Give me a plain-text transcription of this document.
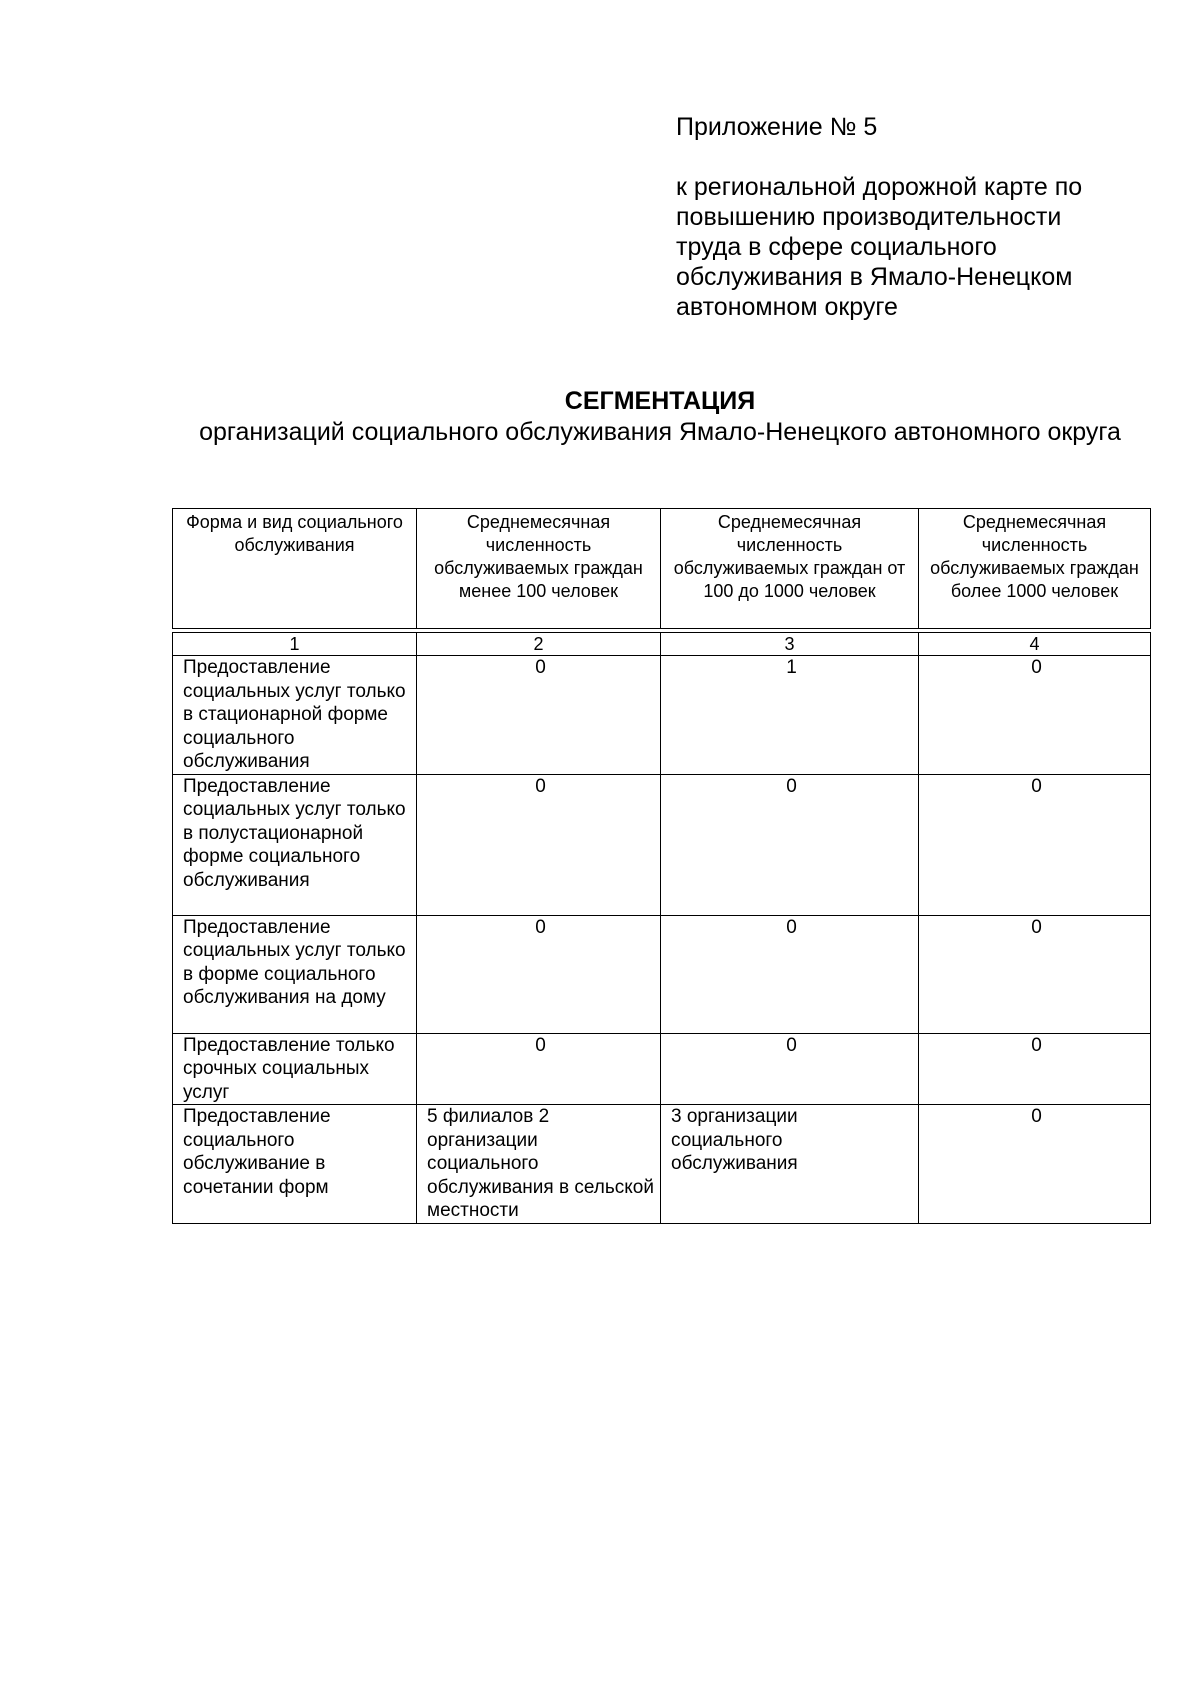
Приложение № 5
к региональной дорожной карте по
повышению производительности
труда в сфере социального
обслуживания в Ямало-Ненецком
автономном округе
СЕГМЕНТАЦИЯ
организаций социального обслуживания Ямало-Ненецкого автономного округа
Форма и вид социального обслуживания	Среднемесячная численность обслуживаемых граждан менее 100 человек	Среднемесячная численность обслуживаемых граждан от 100 до 1000 человек	Среднемесячная численность обслуживаемых граждан более 1000 человек

1	2	3	4
Предоставление социальных услуг только в стационарной форме социального обслуживания	0	1	0
Предоставление социальных услуг только в полустационарной форме социального обслуживания	0	0	0
Предоставление социальных услуг только в форме социального обслуживания на дому	0	0	0
Предоставление только срочных социальных услуг	0	0	0
Предоставление социального обслуживание в сочетании форм	5 филиалов 2 организации социального обслуживания в сельской местности	3 организации социального обслуживания	0
